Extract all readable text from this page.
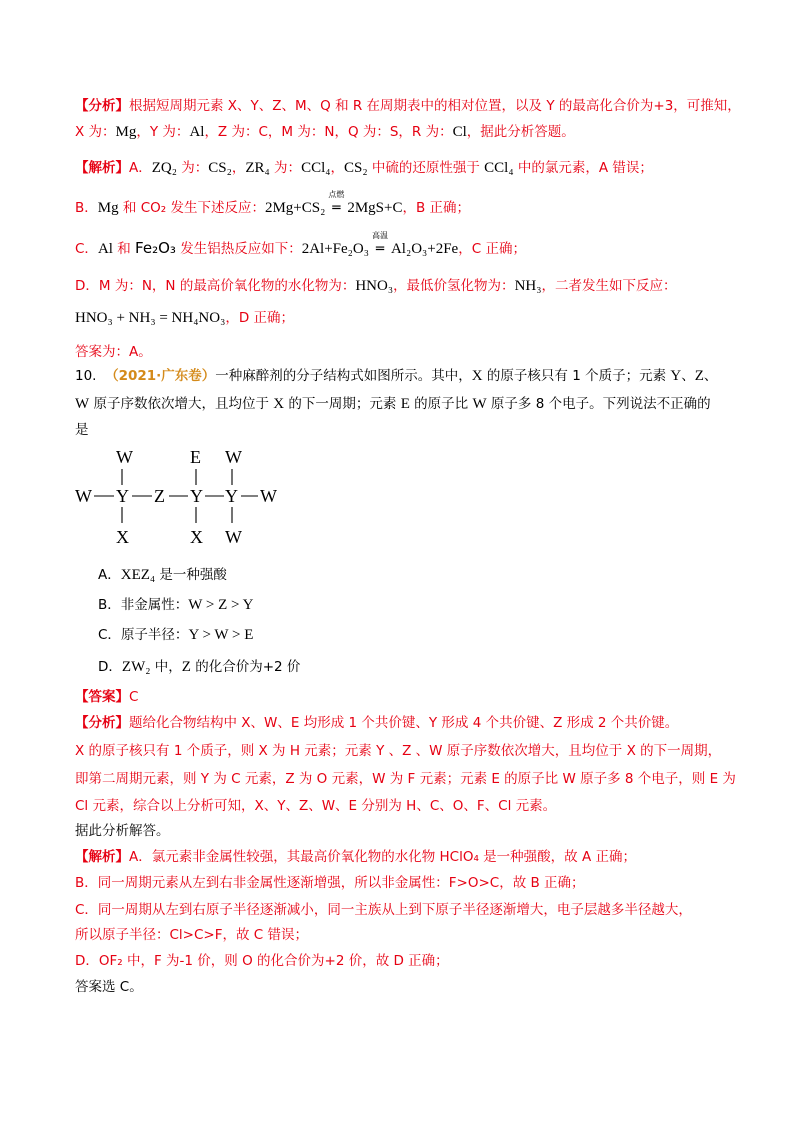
【分析】根据短周期元素 X、Y、Z、M、Q 和 R 在周期表中的相对位置，以及 Y 的最高化合价为+3，可推知，
X 为：Mg，Y 为：Al，Z 为：C，M 为：N，Q 为：S，R 为：Cl，据此分析答题。
【解析】A．ZQ₂ 为：CS₂，ZR₄ 为：CCl₄，CS₂ 中硫的还原性强于 CCl₄ 中的氯元素，A 错误；
B．Mg 和 CO₂ 发生下述反应：2Mg+CS₂
点燃
═ 2MgS+C，B 正确；
C．Al 和 Fe₂O₃ 发生铝热反应如下：2Al+Fe₂O₃
高温
═ Al₂O₃+2Fe，C 正确；
D．M 为：N，N 的最高价氧化物的水化物为：HNO₃，最低价氢化物为：NH₃，二者发生如下反应：
HNO₃ + NH₃ = NH₄NO₃，D 正确；
答案为：A。
10. （2021·广东卷）一种麻醉剂的分子结构式如图所示。其中，X 的原子核只有 1 个质子；元素 Y、Z、
W 原子序数依次增大，且均位于 X 的下一周期；元素 E 的原子比 W 原子多 8 个电子。下列说法不正确的
是
W	E W
W Y Z Y Y W
X	X W
A．XEZ₄ 是一种强酸
B．非金属性：W > Z > Y
C．原子半径：Y > W > E
D．ZW₂ 中，Z 的化合价为+2 价
【答案】C
【分析】题给化合物结构中 X、W、E 均形成 1 个共价键、Y 形成 4 个共价键、Z 形成 2 个共价键。
X 的原子核只有 1 个质子，则 X 为 H 元素；元素 Y 、Z 、W 原子序数依次增大，且均位于 X 的下一周期，
即第二周期元素，则 Y 为 C 元素，Z 为 O 元素，W 为 F 元素；元素 E 的原子比 W 原子多 8 个电子，则 E 为
Cl 元素，综合以上分析可知，X、Y、Z、W、E 分别为 H、C、O、F、Cl 元素。
据此分析解答。
【解析】A．氯元素非金属性较强，其最高价氧化物的水化物 HClO₄ 是一种强酸，故 A 正确；
B．同一周期元素从左到右非金属性逐渐增强，所以非金属性：F>O>C，故 B 正确；
C．同一周期从左到右原子半径逐渐减小，同一主族从上到下原子半径逐渐增大，电子层越多半径越大，
所以原子半径：Cl>C>F，故 C 错误；
D．OF₂ 中，F 为-1 价，则 O 的化合价为+2 价，故 D 正确；
答案选 C。
